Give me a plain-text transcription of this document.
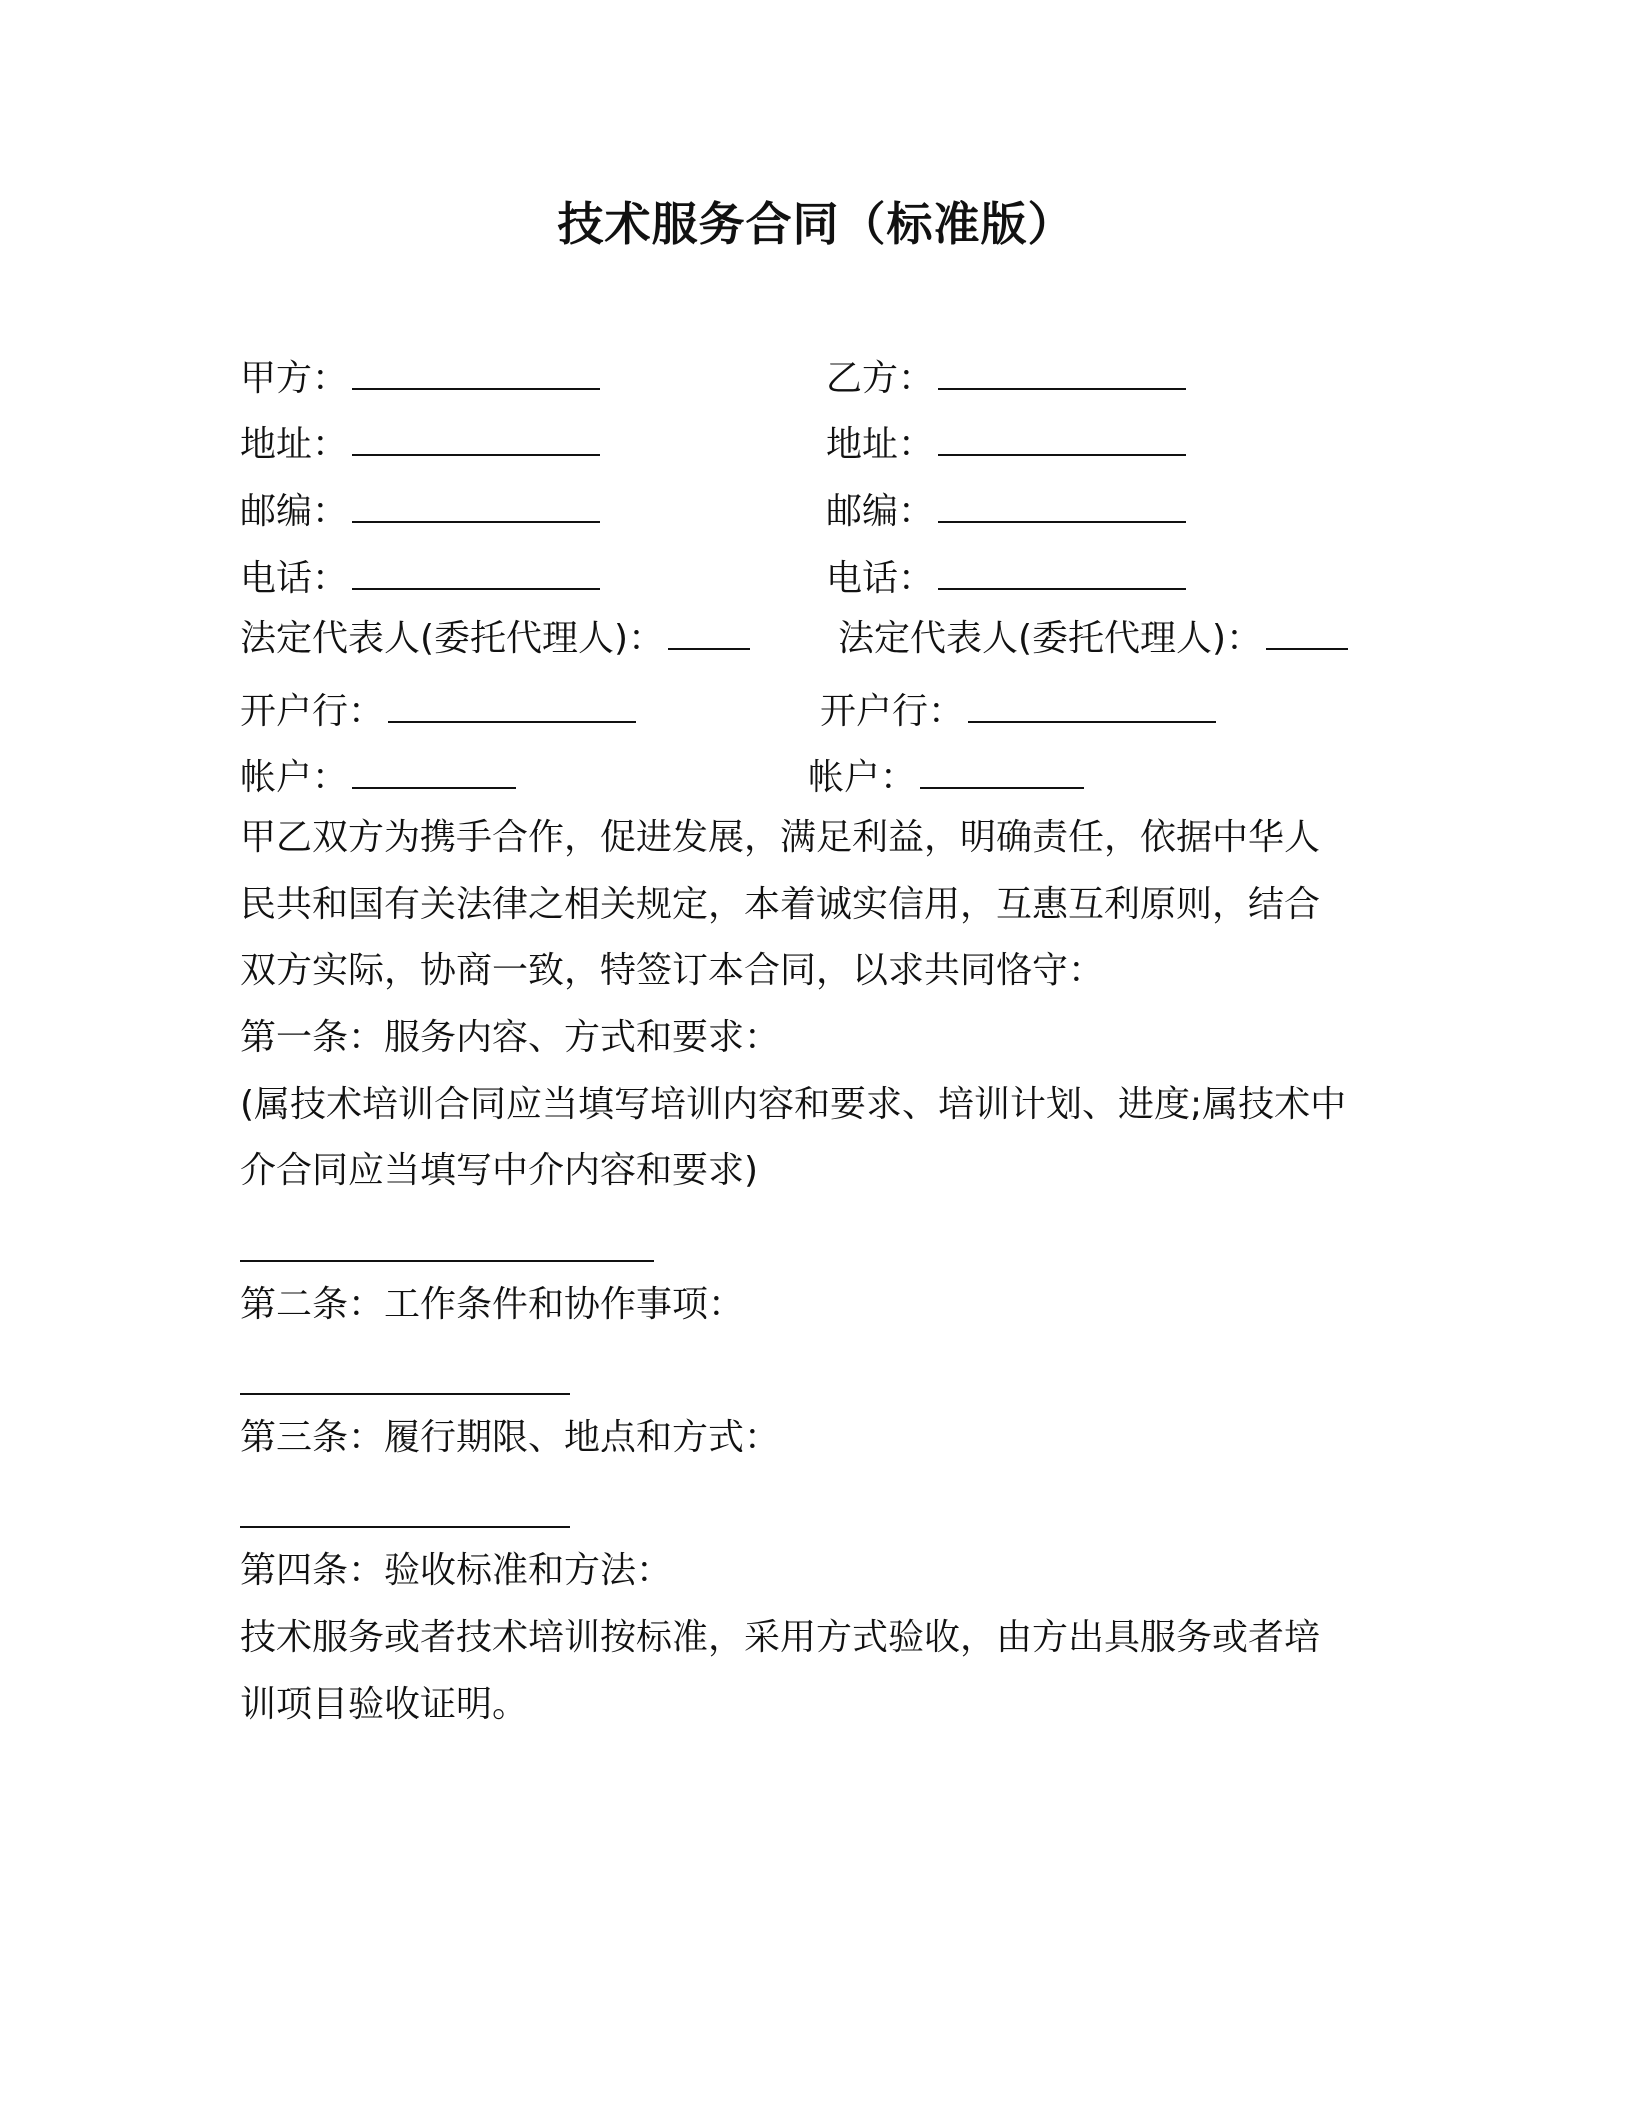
技术服务合同（标准版）
甲方：
地址：
邮编：
电话：
法定代表人(委托代理人)：
开户行：
帐户：
乙方：
地址：
邮编：
电话：
法定代表人(委托代理人)：
开户行：
帐户：
甲乙双方为携手合作，促进发展，满足利益，明确责任，依据中华人
民共和国有关法律之相关规定，本着诚实信用，互惠互利原则，结合
双方实际，协商一致，特签订本合同，以求共同恪守：
第一条：服务内容、方式和要求：
(属技术培训合同应当填写培训内容和要求、培训计划、进度;属技术中
介合同应当填写中介内容和要求)
第二条：工作条件和协作事项：
第三条：履行期限、地点和方式：
第四条：验收标准和方法：
技术服务或者技术培训按标准，采用方式验收，由方出具服务或者培
训项目验收证明。
